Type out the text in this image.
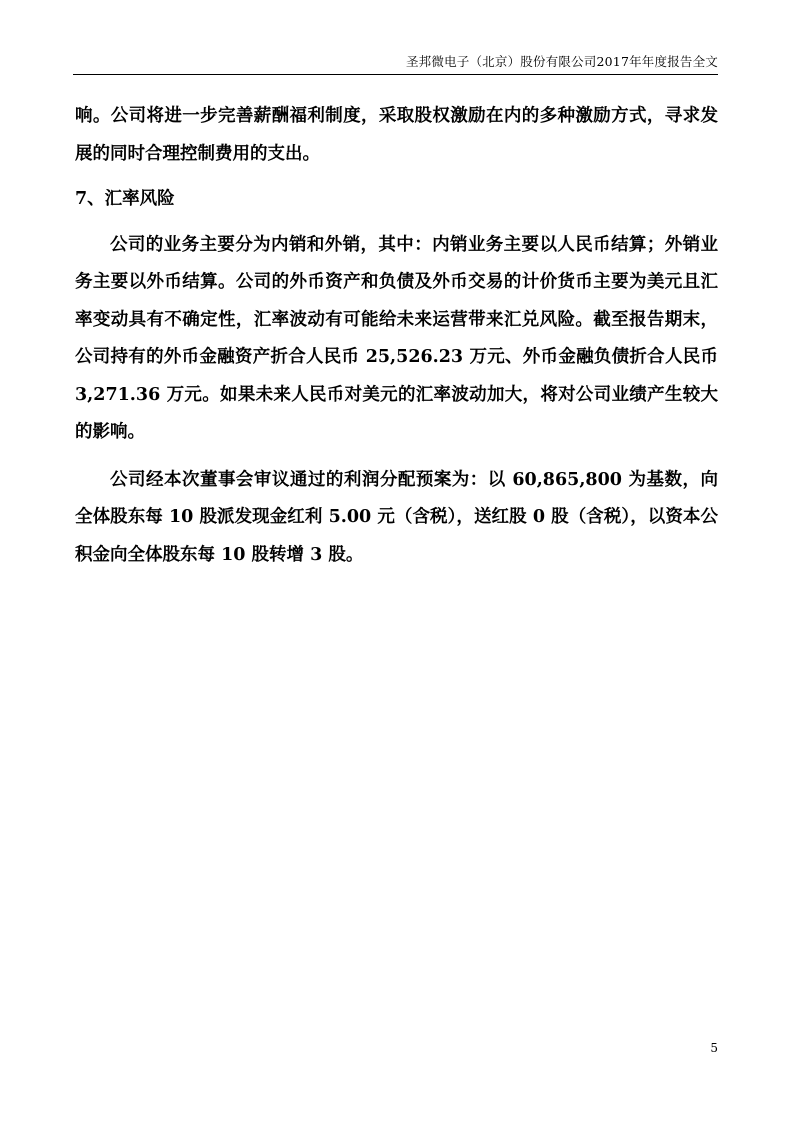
圣邦微电子（北京）股份有限公司2017年年度报告全文

响。公司将进一步完善薪酬福利制度，采取股权激励在内的多种激励方式，寻求发展的同时合理控制费用的支出。

7、汇率风险

公司的业务主要分为内销和外销，其中：内销业务主要以人民币结算；外销业务主要以外币结算。公司的外币资产和负债及外币交易的计价货币主要为美元且汇率变动具有不确定性，汇率波动有可能给未来运营带来汇兑风险。截至报告期末，公司持有的外币金融资产折合人民币 25,526.23 万元、外币金融负债折合人民币 3,271.36 万元。如果未来人民币对美元的汇率波动加大，将对公司业绩产生较大的影响。

公司经本次董事会审议通过的利润分配预案为：以 60,865,800 为基数，向全体股东每 10 股派发现金红利 5.00 元（含税），送红股 0 股（含税），以资本公积金向全体股东每 10 股转增 3 股。

5
